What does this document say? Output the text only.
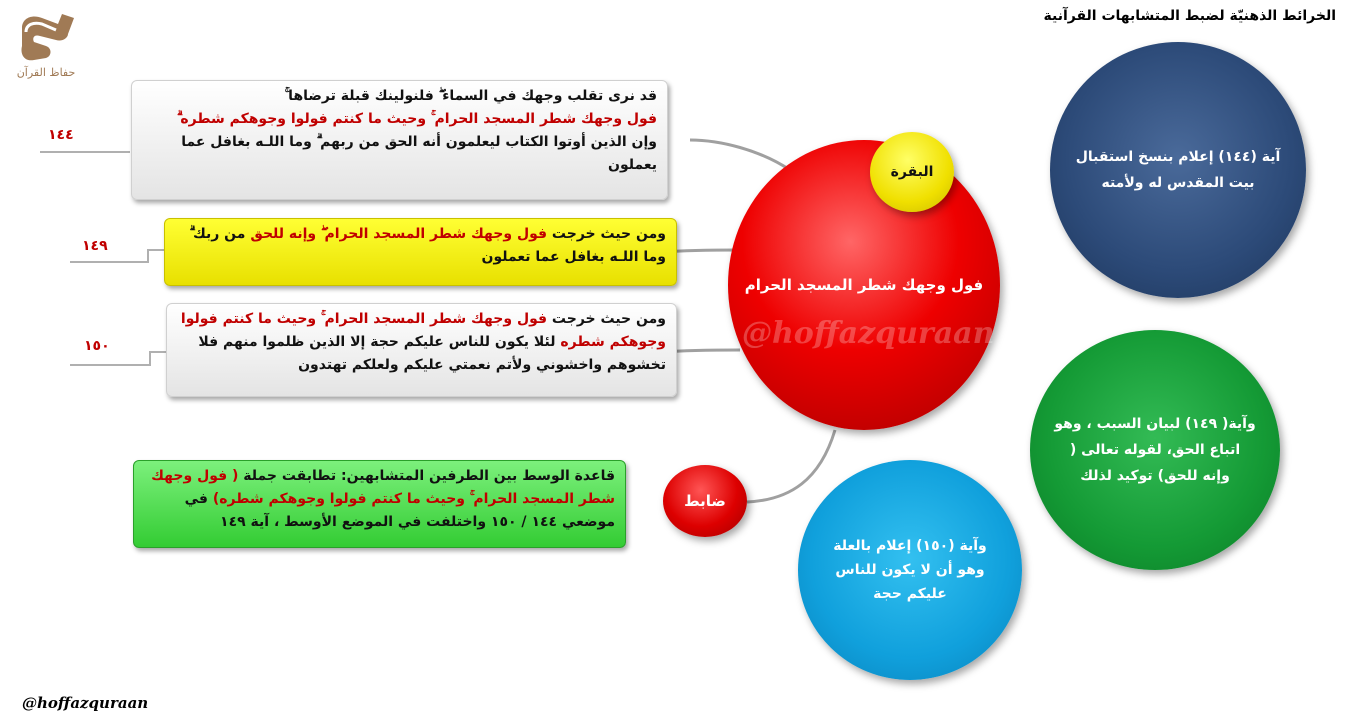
الخرائط الذهنيّة لضبط المتشابهات القرآنية
حفاظ القرآن
قد نرى تقلب وجهك في السماء ۖ فلنولينك قبلة ترضاها ۚ
فول وجهك شطر المسجد الحرام ۚ وحيث ما كنتم فولوا وجوهكم شطره ۗ
وإن الذين أوتوا الكتاب ليعلمون أنه الحق من ربهم ۗ وما اللـه بغافل عما يعملون
١٤٤
ومن حيث خرجت فول وجهك شطر المسجد الحرام ۖ وإنه للحق من ربك ۗ وما اللـه بغافل عما تعملون
١٤٩
ومن حيث خرجت فول وجهك شطر المسجد الحرام ۚ وحيث ما كنتم فولوا وجوهكم شطره لئلا يكون للناس عليكم حجة إلا الذين ظلموا منهم فلا تخشوهم واخشوني ولأتم نعمتي عليكم ولعلكم تهتدون
١٥٠
قاعدة الوسط بين الطرفين المتشابهين: تطابقت جملة ( فول وجهك شطر المسجد الحرام ۚ وحيث ما كنتم فولوا وجوهكم شطره) في موضعي ١٤٤ / ١٥٠ واختلفت في الموضع الأوسط ، آية ١٤٩
فول وجهك شطر المسجد الحرام
@hoffazquraan
البقرة
ضابط
آية (١٤٤) إعلام بنسخ استقبال بيت المقدس له ولأمته
وآية( ١٤٩) لبيان السبب ، وهو اتباع الحق، لقوله تعالى ( وإنه للحق) توكيد لذلك
وآية (١٥٠) إعلام بالعلة وهو أن لا يكون للناس عليكم حجة
@hoffazquraan
